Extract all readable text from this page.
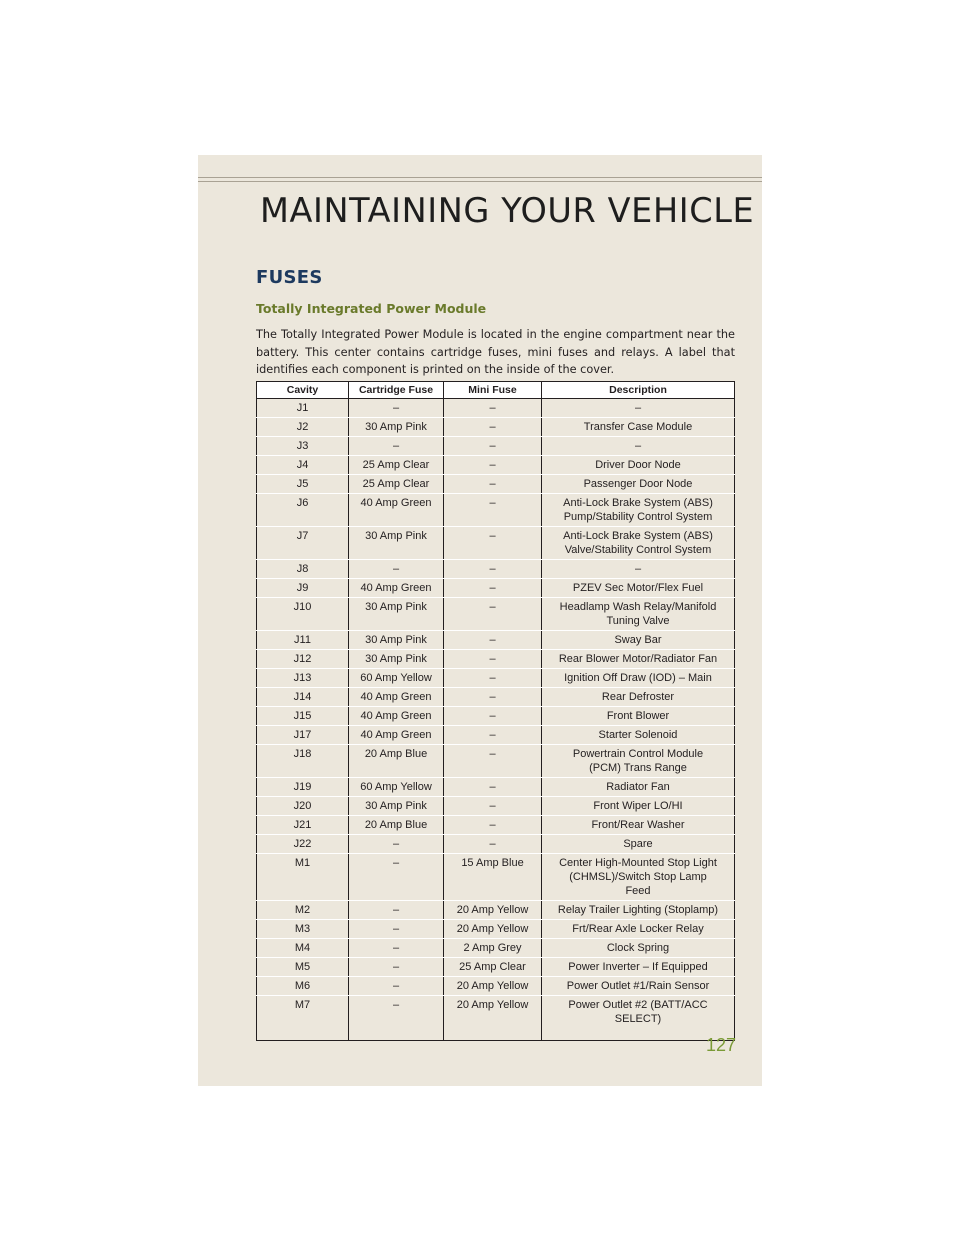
MAINTAINING YOUR VEHICLE
FUSES
Totally Integrated Power Module

The Totally Integrated Power Module is located in the engine compartment near the battery. This center contains cartridge fuses, mini fuses and relays. A label that identifies each component is printed on the inside of the cover.

Cavity	Cartridge Fuse	Mini Fuse	Description
J1	–	–	–
J2	30 Amp Pink	–	Transfer Case Module
J3	–	–	–
J4	25 Amp Clear	–	Driver Door Node
J5	25 Amp Clear	–	Passenger Door Node
J6	40 Amp Green	–	Anti-Lock Brake System (ABS)
Pump/Stability Control System
J7	30 Amp Pink	–	Anti-Lock Brake System (ABS)
Valve/Stability Control System
J8	–	–	–
J9	40 Amp Green	–	PZEV Sec Motor/Flex Fuel
J10	30 Amp Pink	–	Headlamp Wash Relay/Manifold
Tuning Valve
J11	30 Amp Pink	–	Sway Bar
J12	30 Amp Pink	–	Rear Blower Motor/Radiator Fan
J13	60 Amp Yellow	–	Ignition Off Draw (IOD) – Main
J14	40 Amp Green	–	Rear Defroster
J15	40 Amp Green	–	Front Blower
J17	40 Amp Green	–	Starter Solenoid
J18	20 Amp Blue	–	Powertrain Control Module
(PCM) Trans Range
J19	60 Amp Yellow	–	Radiator Fan
J20	30 Amp Pink	–	Front Wiper LO/HI
J21	20 Amp Blue	–	Front/Rear Washer
J22	–	–	Spare
M1	–	15 Amp Blue	Center High-Mounted Stop Light
(CHMSL)/Switch Stop Lamp
Feed
M2	–	20 Amp Yellow	Relay Trailer Lighting (Stoplamp)
M3	–	20 Amp Yellow	Frt/Rear Axle Locker Relay
M4	–	2 Amp Grey	Clock Spring
M5	–	25 Amp Clear	Power Inverter – If Equipped
M6	–	20 Amp Yellow	Power Outlet #1/Rain Sensor
M7	–	20 Amp Yellow	Power Outlet #2 (BATT/ACC
SELECT)
127
